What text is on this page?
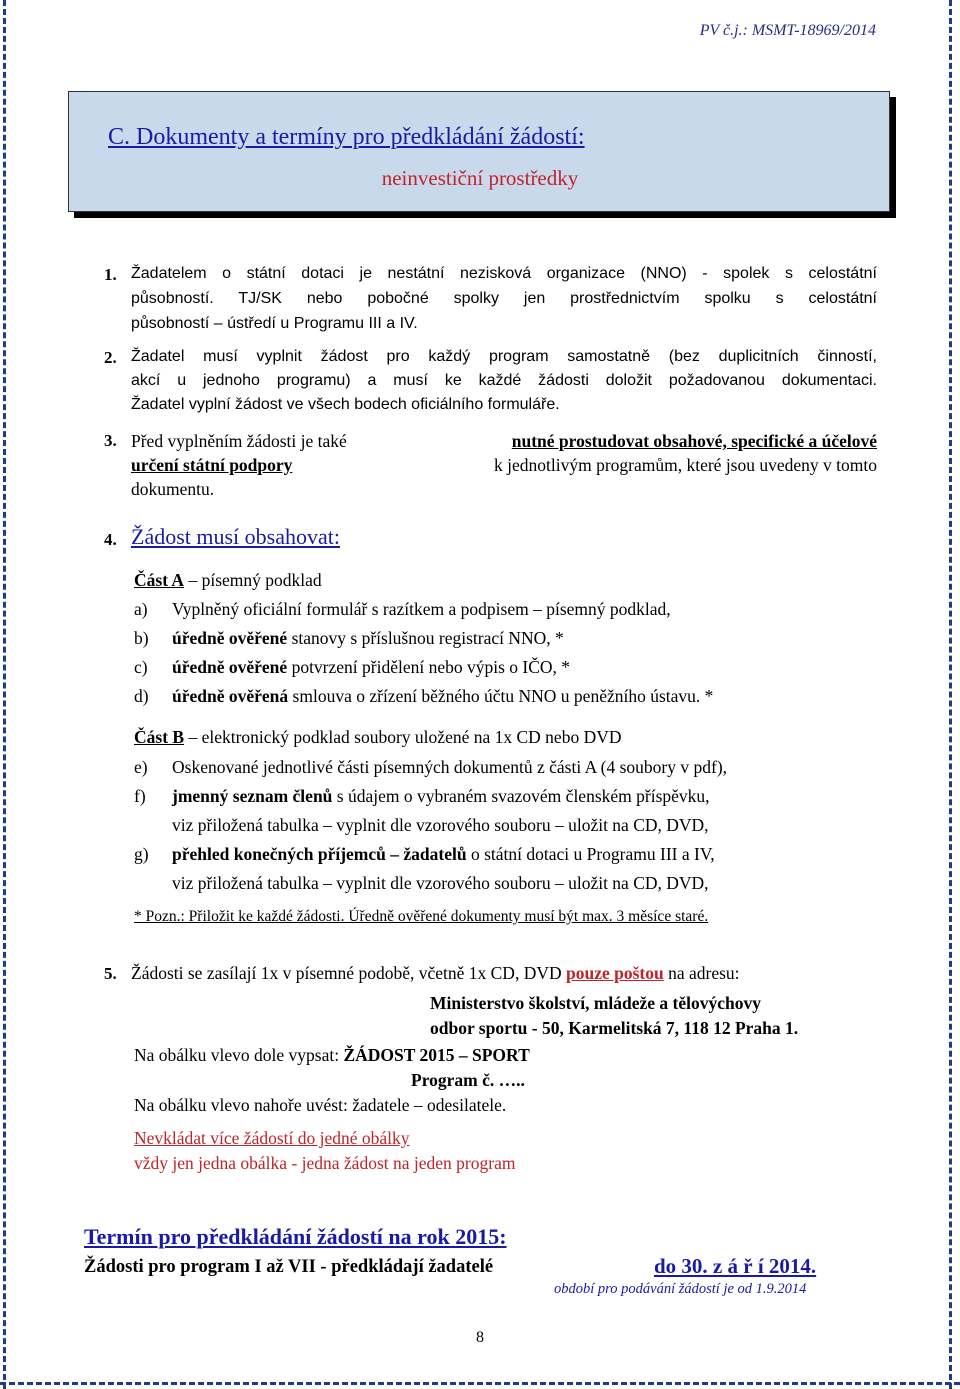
PV č.j.: MSMT-18969/2014
C. Dokumenty a termíny pro předkládání žádostí:
neinvestiční prostředky
1. Žadatelem o státní dotaci je nestátní nezisková organizace (NNO) - spolek s celostátní
působností. TJ/SK nebo pobočné spolky jen prostřednictvím spolku s celostátní
působností – ústředí u Programu III a IV.
2. Žadatel musí vyplnit žádost pro každý program samostatně (bez duplicitních činností,
akcí u jednoho programu) a musí ke každé žádosti doložit požadovanou dokumentaci.
Žadatel vyplní žádost ve všech bodech oficiálního formuláře.
3. Před vyplněním žádosti je také	nutné prostudovat obsahové, specifické a účelové
určení státní podpory	k jednotlivým programům, které jsou uvedeny v tomto
dokumentu.
4. Žádost musí obsahovat:
Část A – písemný podklad
a) Vyplněný oficiální formulář s razítkem a podpisem – písemný podklad,
b) úředně ověřené stanovy s příslušnou registrací NNO, *
c) úředně ověřené potvrzení přidělení nebo výpis o IČO, *
d) úředně ověřená smlouva o zřízení běžného účtu NNO u peněžního ústavu. *
Část B – elektronický podklad soubory uložené na 1x CD nebo DVD
e) Oskenované jednotlivé části písemných dokumentů z části A (4 soubory v pdf),
f) jmenný seznam členů s údajem o vybraném svazovém členském příspěvku,
viz přiložená tabulka – vyplnit dle vzorového souboru – uložit na CD, DVD,
g) přehled konečných příjemců – žadatelů o státní dotaci u Programu III a IV,
viz přiložená tabulka – vyplnit dle vzorového souboru – uložit na CD, DVD,
* Pozn.: Přiložit ke každé žádosti. Úředně ověřené dokumenty musí být max. 3 měsíce staré.
5. Žádosti se zasílají 1x v písemné podobě, včetně 1x CD, DVD pouze poštou na adresu:
Ministerstvo školství, mládeže a tělovýchovy
odbor sportu - 50, Karmelitská 7, 118 12 Praha 1.
Na obálku vlevo dole vypsat: ŽÁDOST 2015 – SPORT
Program č. …..
Na obálku vlevo nahoře uvést: žadatele – odesilatele.
Nevkládat více žádostí do jedné obálky
vždy jen jedna obálka - jedna žádost na jeden program
Termín pro předkládání žádostí na rok 2015:
Žádosti pro program I až VII - předkládají žadatelé	do 30. z á ř í 2014.
období pro podávání žádostí je od 1.9.2014
8
